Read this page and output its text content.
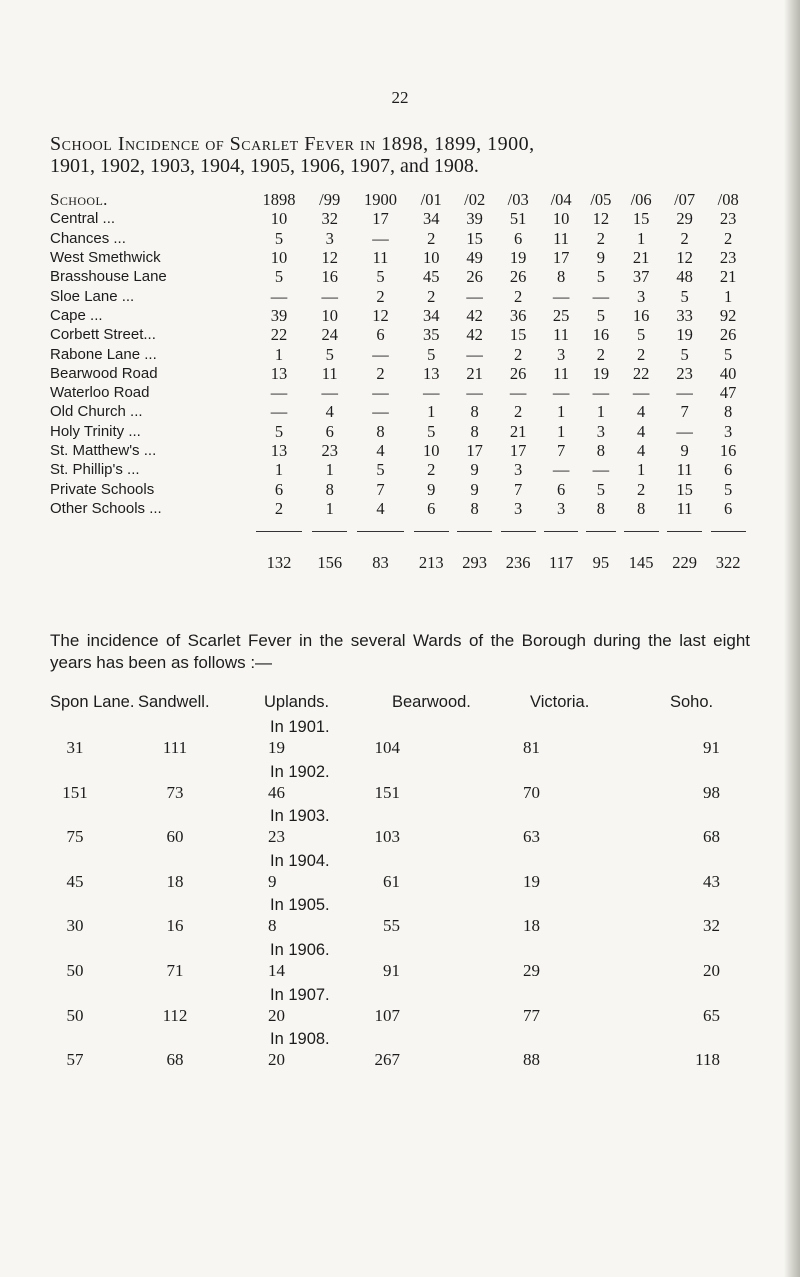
22
School Incidence of Scarlet Fever in 1898, 1899, 1900,
1901, 1902, 1903, 1904, 1905, 1906, 1907, and 1908.
School.	1898	/99	1900	/01	/02	/03	/04	/05	/06	/07	/08
Central ...	10	32	17	34	39	51	10	12	15	29	23
Chances ...	5	3	—	2	15	6	11	2	1	2	2
West Smethwick	10	12	11	10	49	19	17	9	21	12	23
Brasshouse Lane	5	16	5	45	26	26	8	5	37	48	21
Sloe Lane ...	—	—	2	2	—	2	—	—	3	5	1
Cape ...	39	10	12	34	42	36	25	5	16	33	92
Corbett Street...	22	24	6	35	42	15	11	16	5	19	26
Rabone Lane ...	1	5	—	5	—	2	3	2	2	5	5
Bearwood Road	13	11	2	13	21	26	11	19	22	23	40
Waterloo Road	—	—	—	—	—	—	—	—	—	—	47
Old Church ...	—	4	—	1	8	2	1	1	4	7	8
Holy Trinity ...	5	6	8	5	8	21	1	3	4	—	3
St. Matthew's ...	13	23	4	10	17	17	7	8	4	9	16
St. Phillip's ...	1	1	5	2	9	3	—	—	1	11	6
Private Schools	6	8	7	9	9	7	6	5	2	15	5
Other Schools ...	2	1	4	6	8	3	3	8	8	11	6

	132	156	83	213	293	236	117	95	145	229	322
The incidence of Scarlet Fever in the several Wards of the Borough during the last eight years has been as follows :—
Spon Lane. Sandwell.	Uplands.	Bearwood.	Victoria.	Soho.
In 1901.
31	111	19	104	81	91
In 1902.
151	73	46	151	70	98
In 1903.
75	60	23	103	63	68
In 1904.
45	18	9	61	19	43
In 1905.
30	16	8	55	18	32
In 1906.
50	71	14	91	29	20
In 1907.
50	112	20	107	77	65
In 1908.
57	68	20	267	88	118
